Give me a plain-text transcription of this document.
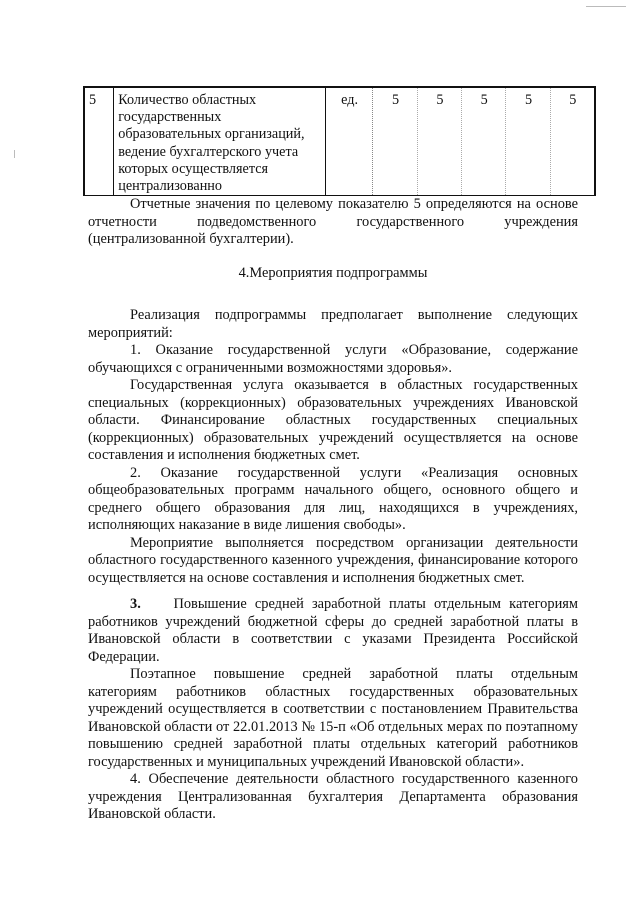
5	Количество областных государственных образовательных организаций, ведение бухгалтерского учета которых осуществляется централизованно	ед.	5	5	5	5	5

Отчетные значения по целевому показателю 5 определяются на основе отчетности подведомственного государственного учреждения (централизованной бухгалтерии).

4.Мероприятия подпрограммы

Реализация подпрограммы предполагает выполнение следующих мероприятий:

1. Оказание государственной услуги «Образование, содержание обучающихся с ограниченными возможностями здоровья».

Государственная услуга оказывается в областных государственных специальных (коррекционных) образовательных учреждениях Ивановской области. Финансирование областных государственных специальных (коррекционных) образовательных учреждений осуществляется на основе составления и исполнения бюджетных смет.

2. Оказание государственной услуги «Реализация основных общеобразовательных программ начального общего, основного общего и среднего общего образования для лиц, находящихся в учреждениях, исполняющих наказание в виде лишения свободы».

Мероприятие выполняется посредством организации деятельности областного государственного казенного учреждения, финансирование которого осуществляется на основе составления и исполнения бюджетных смет.

3. Повышение средней заработной платы отдельным категориям работников учреждений бюджетной сферы до средней заработной платы в Ивановской области в соответствии с указами Президента Российской Федерации.

Поэтапное повышение средней заработной платы отдельным категориям работников областных государственных образовательных учреждений осуществляется в соответствии с постановлением Правительства Ивановской области от 22.01.2013 № 15-п «Об отдельных мерах по поэтапному повышению средней заработной платы отдельных категорий работников государственных и муниципальных учреждений Ивановской области».

4. Обеспечение деятельности областного государственного казенного учреждения Централизованная бухгалтерия Департамента образования Ивановской области.
